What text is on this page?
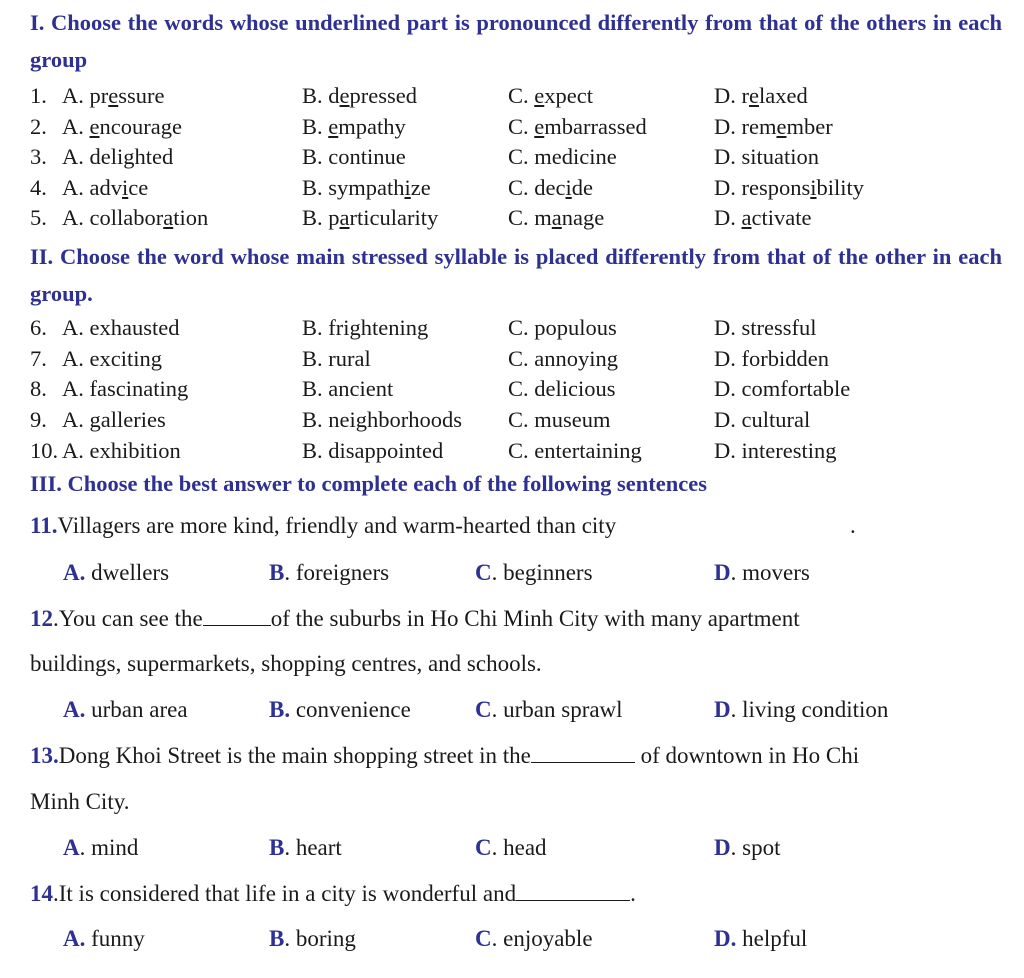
I. Choose the words whose underlined part is pronounced differently from that of the others in each group
1. A. pressure	B. depressed	C. expect	D. relaxed
2. A. encourage	B. empathy	C. embarrassed	D. remember
3. A. delighted	B. continue	C. medicine	D. situation
4. A. advice	B. sympathize	C. decide	D. responsibility
5. A. collaboration	B. particularity	C. manage	D. activate
II. Choose the word whose main stressed syllable is placed differently from that of the other in each group.
6. A. exhausted	B. frightening	C. populous	D. stressful
7. A. exciting	B. rural	C. annoying	D. forbidden
8. A. fascinating	B. ancient	C. delicious	D. comfortable
9. A. galleries	B. neighborhoods C. museum	D. cultural
10. A. exhibition	B. disappointed	C. entertaining	D. interesting
III. Choose the best answer to complete each of the following sentences
11.Villagers are more kind, friendly and warm-hearted than city	.
A. dwellers	B. foreigners	C. beginners	D. movers
12.You can see the	of the suburbs in Ho Chi Minh City with many apartment
buildings, supermarkets, shopping centres, and schools.
A. urban area	B. convenience	C. urban sprawl	D. living condition
13.Dong Khoi Street is the main shopping street in the	of downtown in Ho Chi
Minh City.
A. mind	B. heart	C. head	D. spot
14.It is considered that life in a city is wonderful and	.
A. funny	B. boring	C. enjoyable	D. helpful
